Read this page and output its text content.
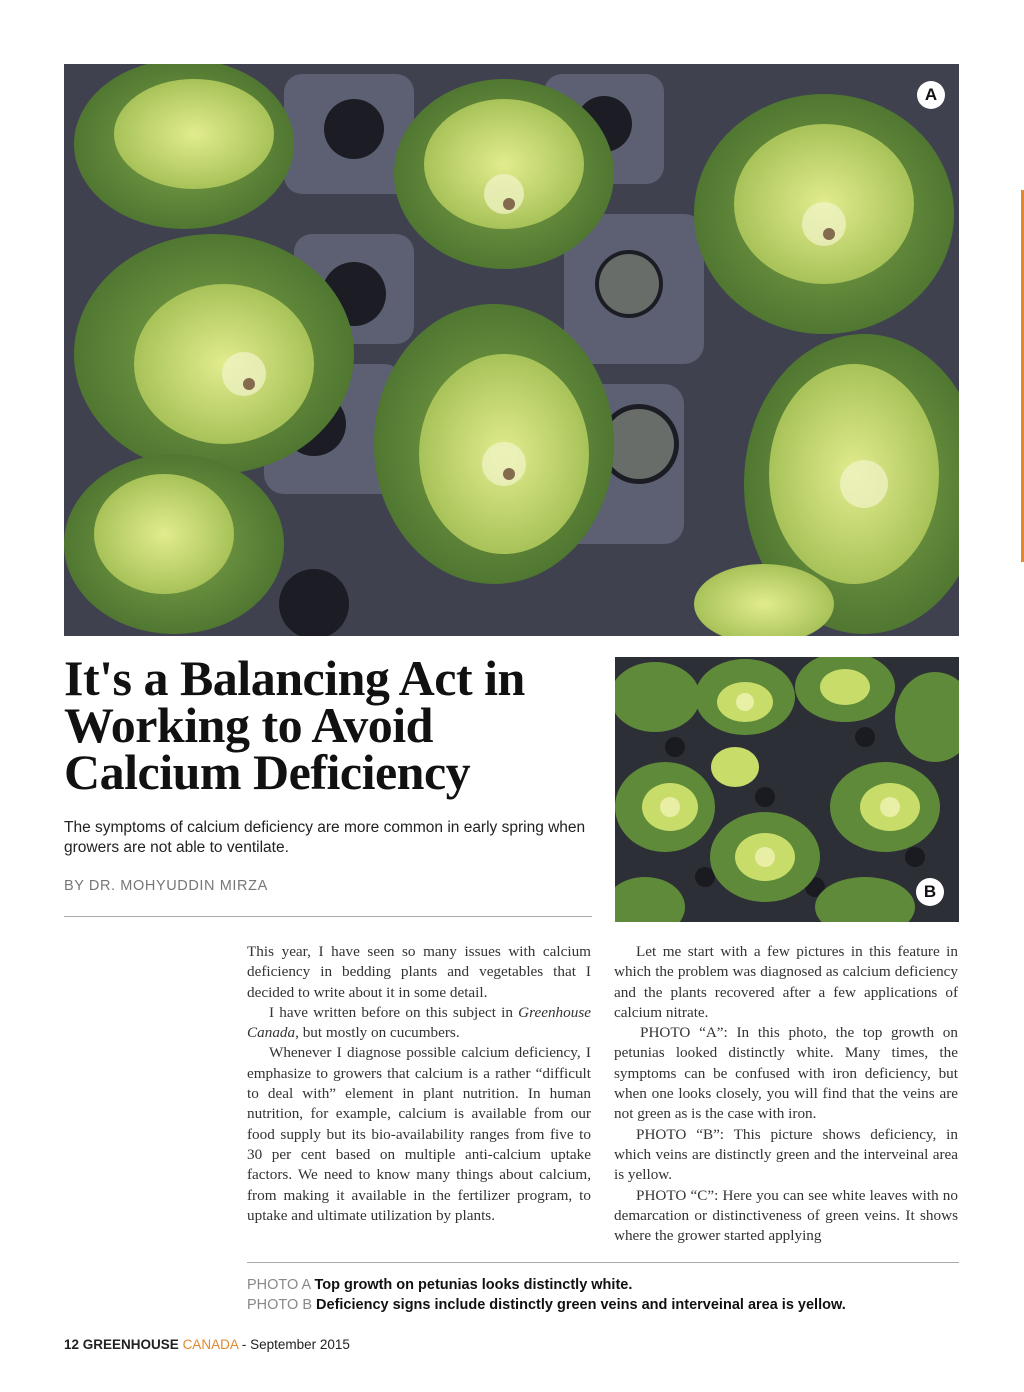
A
B
It's a Balancing Act in Working to Avoid Calcium Deficiency

The symptoms of calcium deficiency are more common in early spring when growers are not able to ventilate.

BY DR. MOHYUDDIN MIRZA

This year, I have seen so many issues with calcium deficiency in bedding plants and vegetables that I decided to write about it in some detail.

I have written before on this subject in Greenhouse Canada, but mostly on cucumbers.

Whenever I diagnose possible calcium deficiency, I emphasize to growers that calcium is a rather “difficult to deal with” element in plant nutrition. In human nutrition, for example, calcium is available from our food supply but its bio-availability ranges from five to 30 per cent based on multiple anti-calcium uptake factors. We need to know many things about calcium, from making it available in the fertilizer program, to uptake and ultimate utilization by plants.

Let me start with a few pictures in this feature in which the problem was diagnosed as calcium deficiency and the plants recovered after a few applications of calcium nitrate.

PHOTO “A”: In this photo, the top growth on petunias looked distinctly white. Many times, the symptoms can be confused with iron deficiency, but when one looks closely, you will find that the veins are not green as is the case with iron.

PHOTO “B”: This picture shows deficiency, in which veins are distinctly green and the interveinal area is yellow.

PHOTO “C”: Here you can see white leaves with no demarcation or distinctiveness of green veins. It shows where the grower started applying

PHOTO A Top growth on petunias looks distinctly white.

PHOTO B Deficiency signs include distinctly green veins and interveinal area is yellow.

12 GREENHOUSE CANADA - September 2015
